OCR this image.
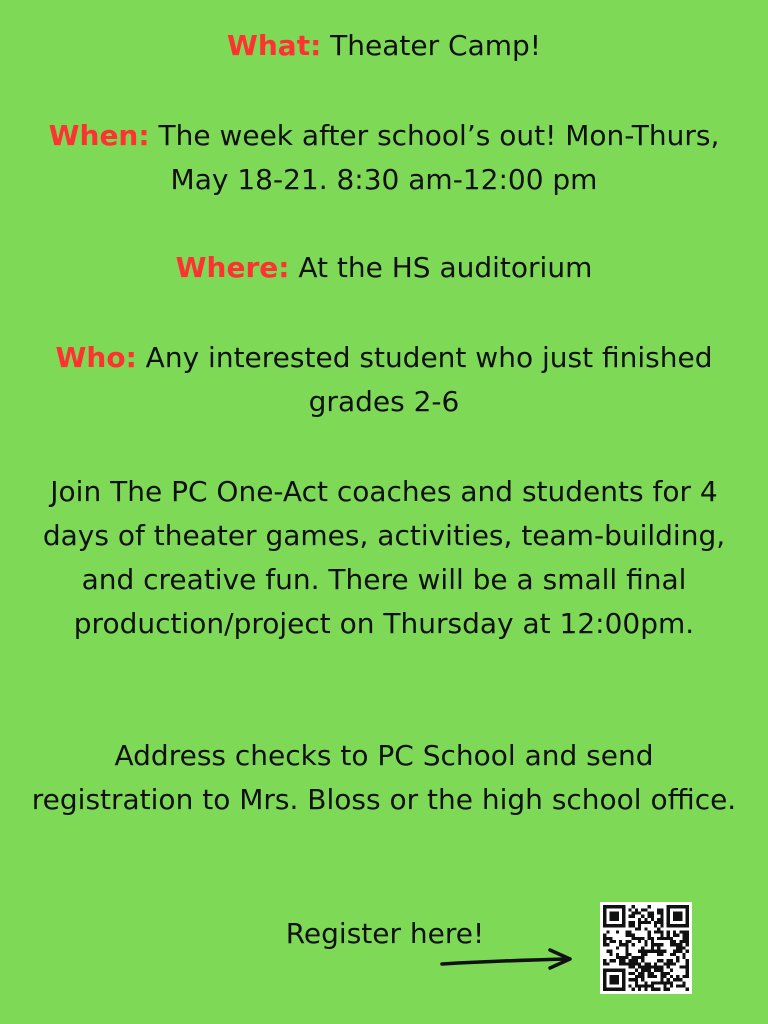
What: Theater Camp!

When: The week after school’s out! Mon-Thurs, May 18-21. 8:30 am-12:00 pm

Where: At the HS auditorium

Who: Any interested student who just finished grades 2-6

Join The PC One-Act coaches and students for 4 days of theater games, activities, team-building, and creative fun. There will be a small final production/project on Thursday at 12:00pm.

Address checks to PC School and send registration to Mrs. Bloss or the high school office.

Register here!
